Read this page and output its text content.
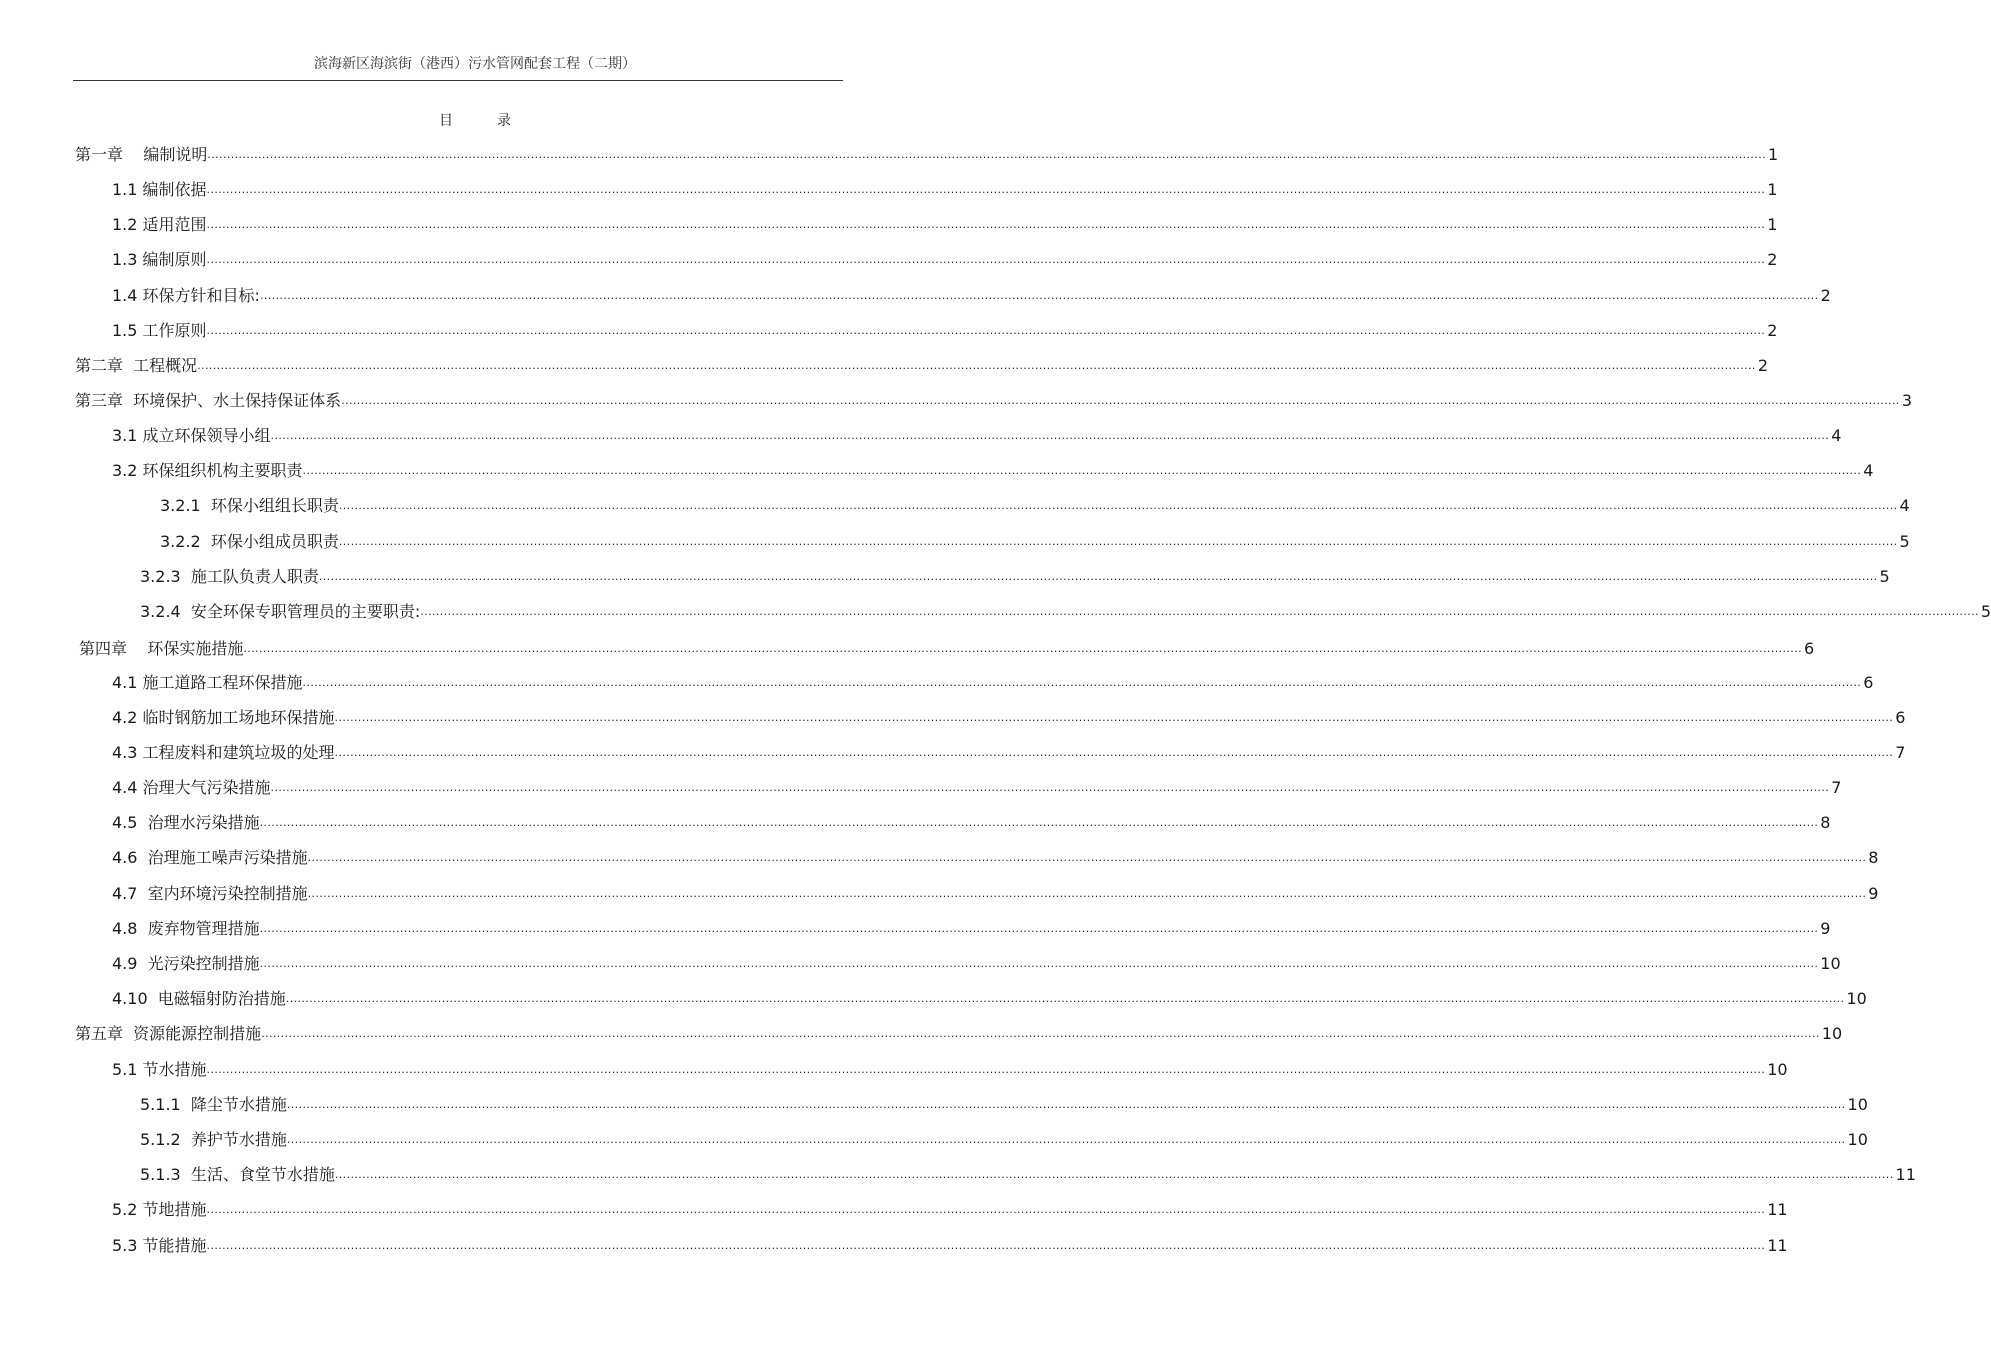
滨海新区海滨街（港西）污水管网配套工程（二期）
目录
第一章    编制说明 ................................................................................................................................................................................................................................................................................................................................................................................................................ 1
1.1 编制依据 ................................................................................................................................................................................................................................................................................................................................................................................................................ 1
1.2 适用范围 ................................................................................................................................................................................................................................................................................................................................................................................................................ 1
1.3 编制原则 ................................................................................................................................................................................................................................................................................................................................................................................................................ 2
1.4 环保方针和目标: ................................................................................................................................................................................................................................................................................................................................................................................................................ 2
1.5 工作原则 ................................................................................................................................................................................................................................................................................................................................................................................................................ 2
第二章  工程概况 ................................................................................................................................................................................................................................................................................................................................................................................................................ 2
第三章  环境保护、水土保持保证体系 ................................................................................................................................................................................................................................................................................................................................................................................................................ 3
3.1 成立环保领导小组 ................................................................................................................................................................................................................................................................................................................................................................................................................ 4
3.2 环保组织机构主要职责 ................................................................................................................................................................................................................................................................................................................................................................................................................ 4
3.2.1  环保小组组长职责 ................................................................................................................................................................................................................................................................................................................................................................................................................ 4
3.2.2  环保小组成员职责 ................................................................................................................................................................................................................................................................................................................................................................................................................ 5
3.2.3  施工队负责人职责 ................................................................................................................................................................................................................................................................................................................................................................................................................ 5
3.2.4  安全环保专职管理员的主要职责: ................................................................................................................................................................................................................................................................................................................................................................................................................ 5
第四章    环保实施措施 ................................................................................................................................................................................................................................................................................................................................................................................................................ 6
4.1 施工道路工程环保措施 ................................................................................................................................................................................................................................................................................................................................................................................................................ 6
4.2 临时钢筋加工场地环保措施 ................................................................................................................................................................................................................................................................................................................................................................................................................ 6
4.3 工程废料和建筑垃圾的处理 ................................................................................................................................................................................................................................................................................................................................................................................................................ 7
4.4 治理大气污染措施 ................................................................................................................................................................................................................................................................................................................................................................................................................ 7
4.5  治理水污染措施 ................................................................................................................................................................................................................................................................................................................................................................................................................ 8
4.6  治理施工噪声污染措施 ................................................................................................................................................................................................................................................................................................................................................................................................................ 8
4.7  室内环境污染控制措施 ................................................................................................................................................................................................................................................................................................................................................................................................................ 9
4.8  废弃物管理措施 ................................................................................................................................................................................................................................................................................................................................................................................................................ 9
4.9  光污染控制措施 ................................................................................................................................................................................................................................................................................................................................................................................................................ 10
4.10  电磁辐射防治措施 ................................................................................................................................................................................................................................................................................................................................................................................................................ 10
第五章  资源能源控制措施 ................................................................................................................................................................................................................................................................................................................................................................................................................ 10
5.1 节水措施 ................................................................................................................................................................................................................................................................................................................................................................................................................ 10
5.1.1  降尘节水措施 ................................................................................................................................................................................................................................................................................................................................................................................................................ 10
5.1.2  养护节水措施 ................................................................................................................................................................................................................................................................................................................................................................................................................ 10
5.1.3  生活、食堂节水措施 ................................................................................................................................................................................................................................................................................................................................................................................................................ 11
5.2 节地措施 ................................................................................................................................................................................................................................................................................................................................................................................................................ 11
5.3 节能措施 ................................................................................................................................................................................................................................................................................................................................................................................................................ 11
